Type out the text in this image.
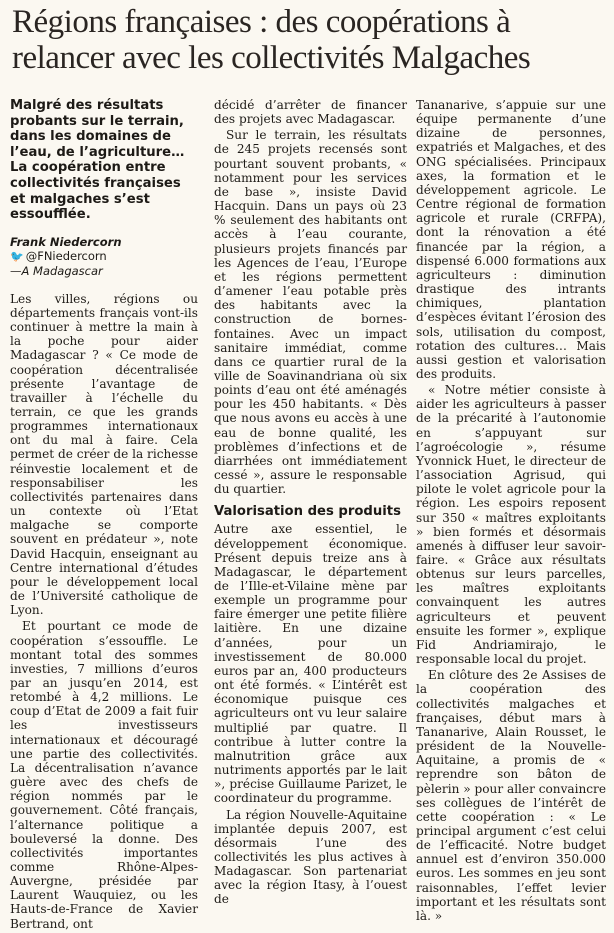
Régions françaises : des coopérations à relancer avec les collectivités Malgaches

Malgré des résultats probants sur le terrain, dans les domaines de l’eau, de l’agriculture… La coopération entre collectivités françaises et malgaches s’est essoufflée.

Frank Niedercorn

🐦 @FNiedercorn

—A Madagascar

Les villes, régions ou départements français vont-ils continuer à mettre la main à la poche pour aider Madagascar ? « Ce mode de coopération décentralisée présente l’avantage de travailler à l’échelle du terrain, ce que les grands programmes internationaux ont du mal à faire. Cela permet de créer de la richesse réinvestie localement et de responsabiliser les collectivités partenaires dans un contexte où l’Etat malgache se comporte souvent en prédateur », note David Hacquin, enseignant au Centre international d’études pour le développement local de l’Université catholique de Lyon.

Et pourtant ce mode de coopération s’essouffle. Le montant total des sommes investies, 7 millions d’euros par an jusqu’en 2014, est retombé à 4,2 millions. Le coup d’Etat de 2009 a fait fuir les investisseurs internationaux et découragé une partie des collectivités. La décentralisation n’avance guère avec des chefs de région nommés par le gouvernement. Côté français, l’alternance politique a bouleversé la donne. Des collectivités importantes comme Rhône-Alpes-Auvergne, présidée par Laurent Wauquiez, ou les Hauts-de-France de Xavier Bertrand, ont

décidé d’arrêter de financer des projets avec Madagascar.

Sur le terrain, les résultats de 245 projets recensés sont pourtant souvent probants, « notamment pour les services de base », insiste David Hacquin. Dans un pays où 23 % seulement des habitants ont accès à l’eau courante, plusieurs projets financés par les Agences de l’eau, l’Europe et les régions permettent d’amener l’eau potable près des habitants avec la construction de bornes-fontaines. Avec un impact sanitaire immédiat, comme dans ce quartier rural de la ville de Soavinandriana où six points d’eau ont été aménagés pour les 450 habitants. « Dès que nous avons eu accès à une eau de bonne qualité, les problèmes d’infections et de diarrhées ont immédiatement cessé », assure le responsable du quartier.

Valorisation des produits

Autre axe essentiel, le développement économique. Présent depuis treize ans à Madagascar, le département de l’Ille-et-Vilaine mène par exemple un programme pour faire émerger une petite filière laitière. En une dizaine d’années, pour un investissement de 80.000 euros par an, 400 producteurs ont été formés. « L’intérêt est économique puisque ces agriculteurs ont vu leur salaire multiplié par quatre. Il contribue à lutter contre la malnutrition grâce aux nutriments apportés par le lait », précise Guillaume Parizet, le coordinateur du programme.

La région Nouvelle-Aquitaine implantée depuis 2007, est désormais l’une des collectivités les plus actives à Madagascar. Son partenariat avec la région Itasy, à l’ouest de

Tananarive, s’appuie sur une équipe permanente d’une dizaine de personnes, expatriés et Malgaches, et des ONG spécialisées. Principaux axes, la formation et le développement agricole. Le Centre régional de formation agricole et rurale (CRFPA), dont la rénovation a été financée par la région, a dispensé 6.000 formations aux agriculteurs : diminution drastique des intrants chimiques, plantation d’espèces évitant l’érosion des sols, utilisation du compost, rotation des cultures… Mais aussi gestion et valorisation des produits.

« Notre métier consiste à aider les agriculteurs à passer de la précarité à l’autonomie en s’appuyant sur l’agroécologie », résume Yvonnick Huet, le directeur de l’association Agrisud, qui pilote le volet agricole pour la région. Les espoirs reposent sur 350 « maîtres exploitants » bien formés et désormais amenés à diffuser leur savoir-faire. « Grâce aux résultats obtenus sur leurs parcelles, les maîtres exploitants convainquent les autres agriculteurs et peuvent ensuite les former », explique Fid Andriamirajo, le responsable local du projet.

En clôture des 2e Assises de la coopération des collectivités malgaches et françaises, début mars à Tananarive, Alain Rousset, le président de la Nouvelle-Aquitaine, a promis de « reprendre son bâton de pèlerin » pour aller convaincre ses collègues de l’intérêt de cette coopération : « Le principal argument c’est celui de l’efficacité. Notre budget annuel est d’environ 350.000 euros. Les sommes en jeu sont raisonnables, l’effet levier important et les résultats sont là. »
